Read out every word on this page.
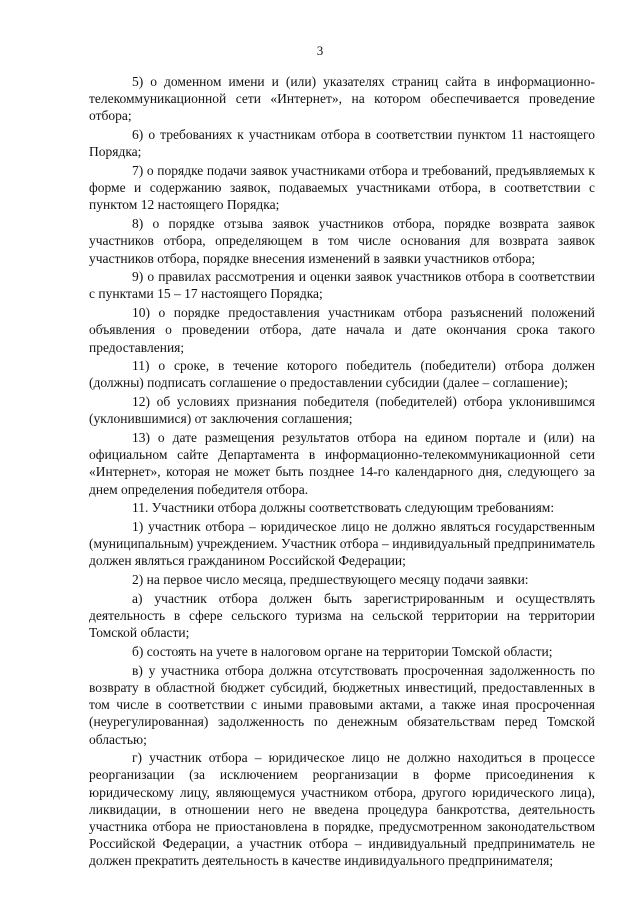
3

5) о доменном имени и (или) указателях страниц сайта в информационно-телекоммуникационной сети «Интернет», на котором обеспечивается проведение отбора;

6) о требованиях к участникам отбора в соответствии пунктом 11 настоящего Порядка;

7) о порядке подачи заявок участниками отбора и требований, предъявляемых к форме и содержанию заявок, подаваемых участниками отбора, в соответствии с пунктом 12 настоящего Порядка;

8) о порядке отзыва заявок участников отбора, порядке возврата заявок участников отбора, определяющем в том числе основания для возврата заявок участников отбора, порядке внесения изменений в заявки участников отбора;

9) о правилах рассмотрения и оценки заявок участников отбора в соответствии с пунктами 15 – 17 настоящего Порядка;

10) о порядке предоставления участникам отбора разъяснений положений объявления о проведении отбора, дате начала и дате окончания срока такого предоставления;

11) о сроке, в течение которого победитель (победители) отбора должен (должны) подписать соглашение о предоставлении субсидии (далее – соглашение);

12) об условиях признания победителя (победителей) отбора уклонившимся (уклонившимися) от заключения соглашения;

13) о дате размещения результатов отбора на едином портале и (или) на официальном сайте Департамента в информационно-телекоммуникационной сети «Интернет», которая не может быть позднее 14-го календарного дня, следующего за днем определения победителя отбора.

11. Участники отбора должны соответствовать следующим требованиям:

1) участник отбора – юридическое лицо не должно являться государственным (муниципальным) учреждением. Участник отбора – индивидуальный предприниматель должен являться гражданином Российской Федерации;

2) на первое число месяца, предшествующего месяцу подачи заявки:

а) участник отбора должен быть зарегистрированным и осуществлять деятельность в сфере сельского туризма на сельской территории на территории Томской области;

б) состоять на учете в налоговом органе на территории Томской области;

в) у участника отбора должна отсутствовать просроченная задолженность по возврату в областной бюджет субсидий, бюджетных инвестиций, предоставленных в том числе в соответствии с иными правовыми актами, а также иная просроченная (неурегулированная) задолженность по денежным обязательствам перед Томской областью;

г) участник отбора – юридическое лицо не должно находиться в процессе реорганизации (за исключением реорганизации в форме присоединения к юридическому лицу, являющемуся участником отбора, другого юридического лица), ликвидации, в отношении него не введена процедура банкротства, деятельность участника отбора не приостановлена в порядке, предусмотренном законодательством Российской Федерации, а участник отбора – индивидуальный предприниматель не должен прекратить деятельность в качестве индивидуального предпринимателя;
